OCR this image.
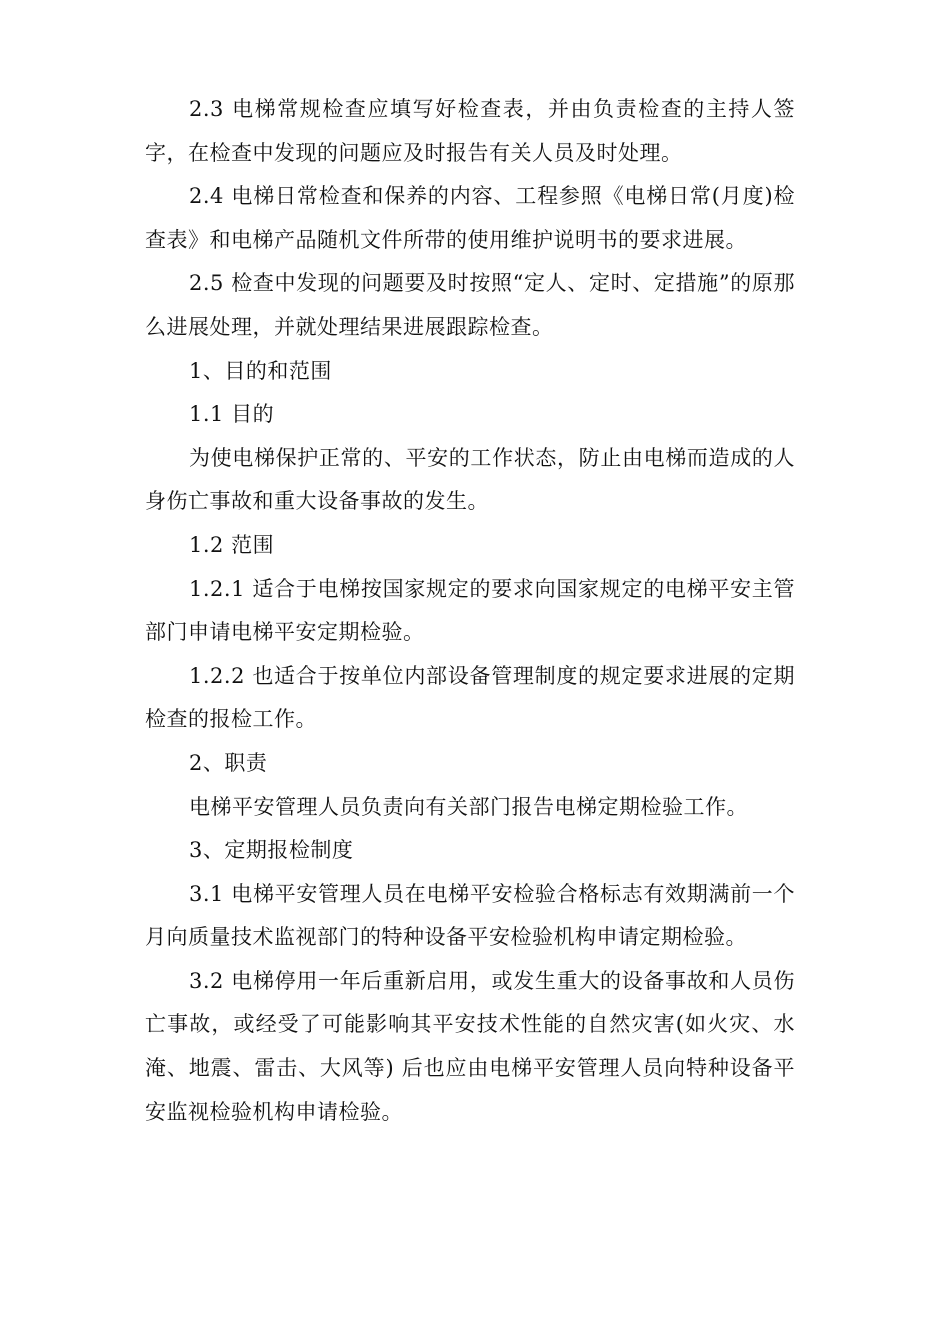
2.3 电梯常规检查应填写好检查表，并由负责检查的主持人签字，在检查中发现的问题应及时报告有关人员及时处理。

2.4 电梯日常检查和保养的内容、工程参照《电梯日常(月度)检查表》和电梯产品随机文件所带的使用维护说明书的要求进展。

2.5 检查中发现的问题要及时按照“定人、定时、定措施”的原那么进展处理，并就处理结果进展跟踪检查。

1、目的和范围

1.1 目的

为使电梯保护正常的、平安的工作状态，防止由电梯而造成的人身伤亡事故和重大设备事故的发生。

1.2 范围

1.2.1 适合于电梯按国家规定的要求向国家规定的电梯平安主管部门申请电梯平安定期检验。

1.2.2 也适合于按单位内部设备管理制度的规定要求进展的定期检查的报检工作。

2、职责

电梯平安管理人员负责向有关部门报告电梯定期检验工作。

3、定期报检制度

3.1 电梯平安管理人员在电梯平安检验合格标志有效期满前一个月向质量技术监视部门的特种设备平安检验机构申请定期检验。

3.2 电梯停用一年后重新启用，或发生重大的设备事故和人员伤亡事故，或经受了可能影响其平安技术性能的自然灾害(如火灾、水淹、地震、雷击、大风等) 后也应由电梯平安管理人员向特种设备平安监视检验机构申请检验。
